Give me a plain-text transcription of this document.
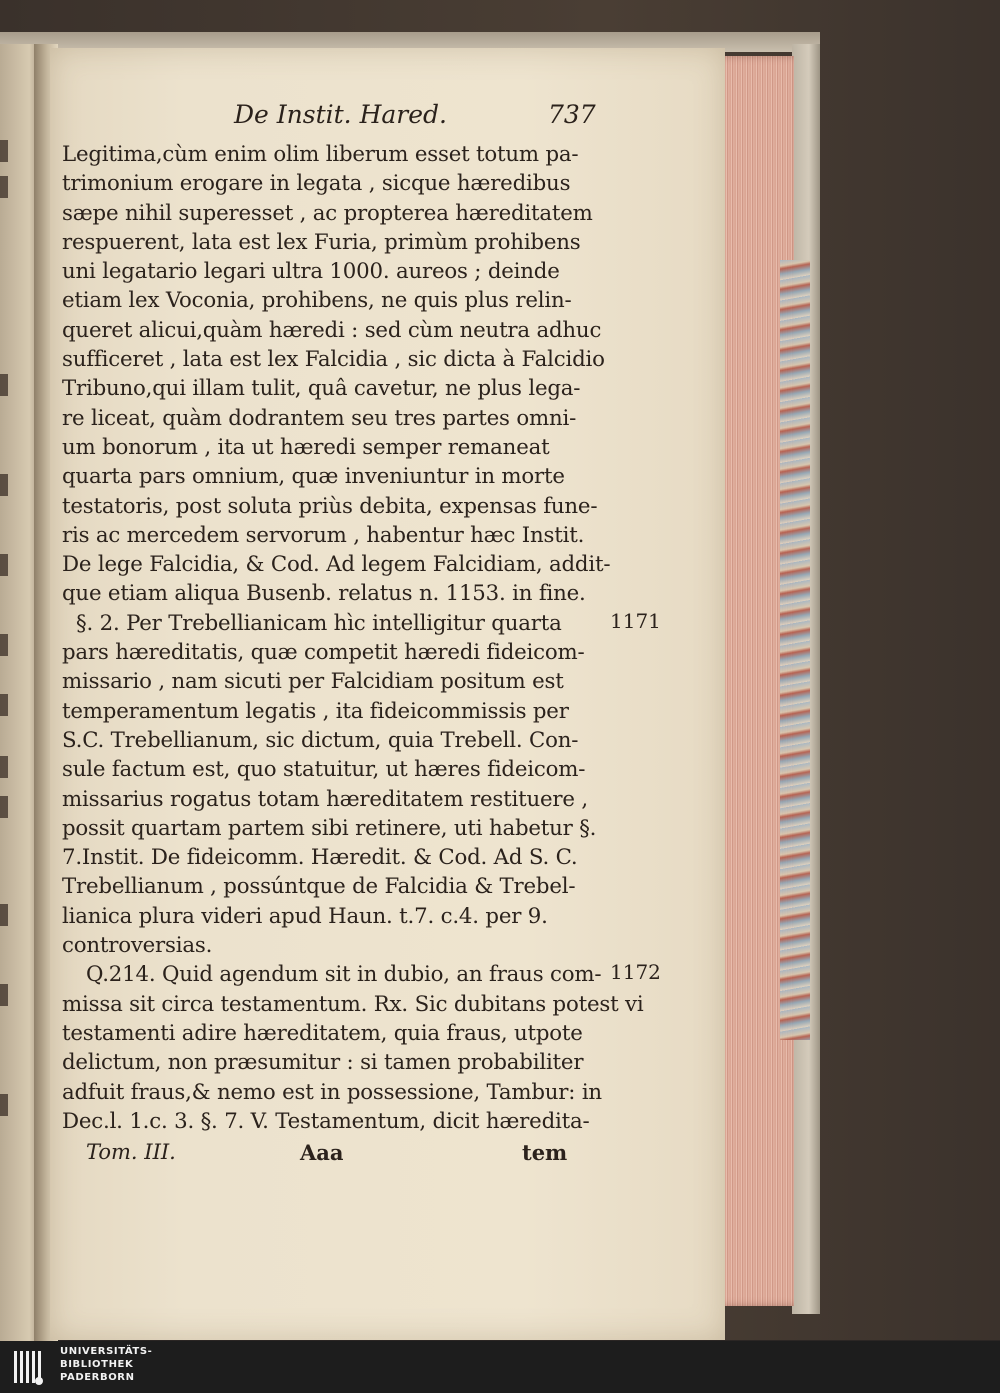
De Instit. Hared.	737
Legitima,cùm enim olim liberum esset totum pa-
trimonium erogare in legata , sicque hæredibus
sæpe nihil superesset , ac propterea hæreditatem
respuerent, lata est lex Furia, primùm prohibens
uni legatario legari ultra 1000. aureos ; deinde
etiam lex Voconia, prohibens, ne quis plus relin-
queret alicui,quàm hæredi : sed cùm neutra adhuc
sufficeret , lata est lex Falcidia , sic dicta à Falcidio
Tribuno,qui illam tulit, quâ cavetur, ne plus lega-
re liceat, quàm dodrantem seu tres partes omni-
um bonorum , ita ut hæredi semper remaneat
quarta pars omnium, quæ inveniuntur in morte
testatoris, post soluta priùs debita, expensas fune-
ris ac mercedem servorum , habentur hæc Instit.
De lege Falcidia, & Cod. Ad legem Falcidiam, addit-
que etiam aliqua Busenb. relatus n. 1153. in fine.
§. 2. Per Trebellianicam hìc intelligitur quarta
pars hæreditatis, quæ competit hæredi fideicom-
missario , nam sicuti per Falcidiam positum est
temperamentum legatis , ita fideicommissis per
S.C. Trebellianum, sic dictum, quia Trebell. Con-
sule factum est, quo statuitur, ut hæres fideicom-
missarius rogatus totam hæreditatem restituere ,
possit quartam partem sibi retinere, uti habetur §.
7.Instit. De fideicomm. Hæredit. & Cod. Ad S. C.
Trebellianum , possúntque de Falcidia & Trebel-
lianica plura videri apud Haun. t.7. c.4. per 9.
controversias.
Q.214. Quid agendum sit in dubio, an fraus com-
missa sit circa testamentum. Rx. Sic dubitans potest vi
testamenti adire hæreditatem, quia fraus, utpote
delictum, non præsumitur : si tamen probabiliter
adfuit fraus,& nemo est in possessione, Tambur: in
Dec.l. 1.c. 3. §. 7. V. Testamentum, dicit hæredita-
1171
1172
Tom. III.	Aaa	tem
UNIVERSITÄTS-
BIBLIOTHEK
PADERBORN
